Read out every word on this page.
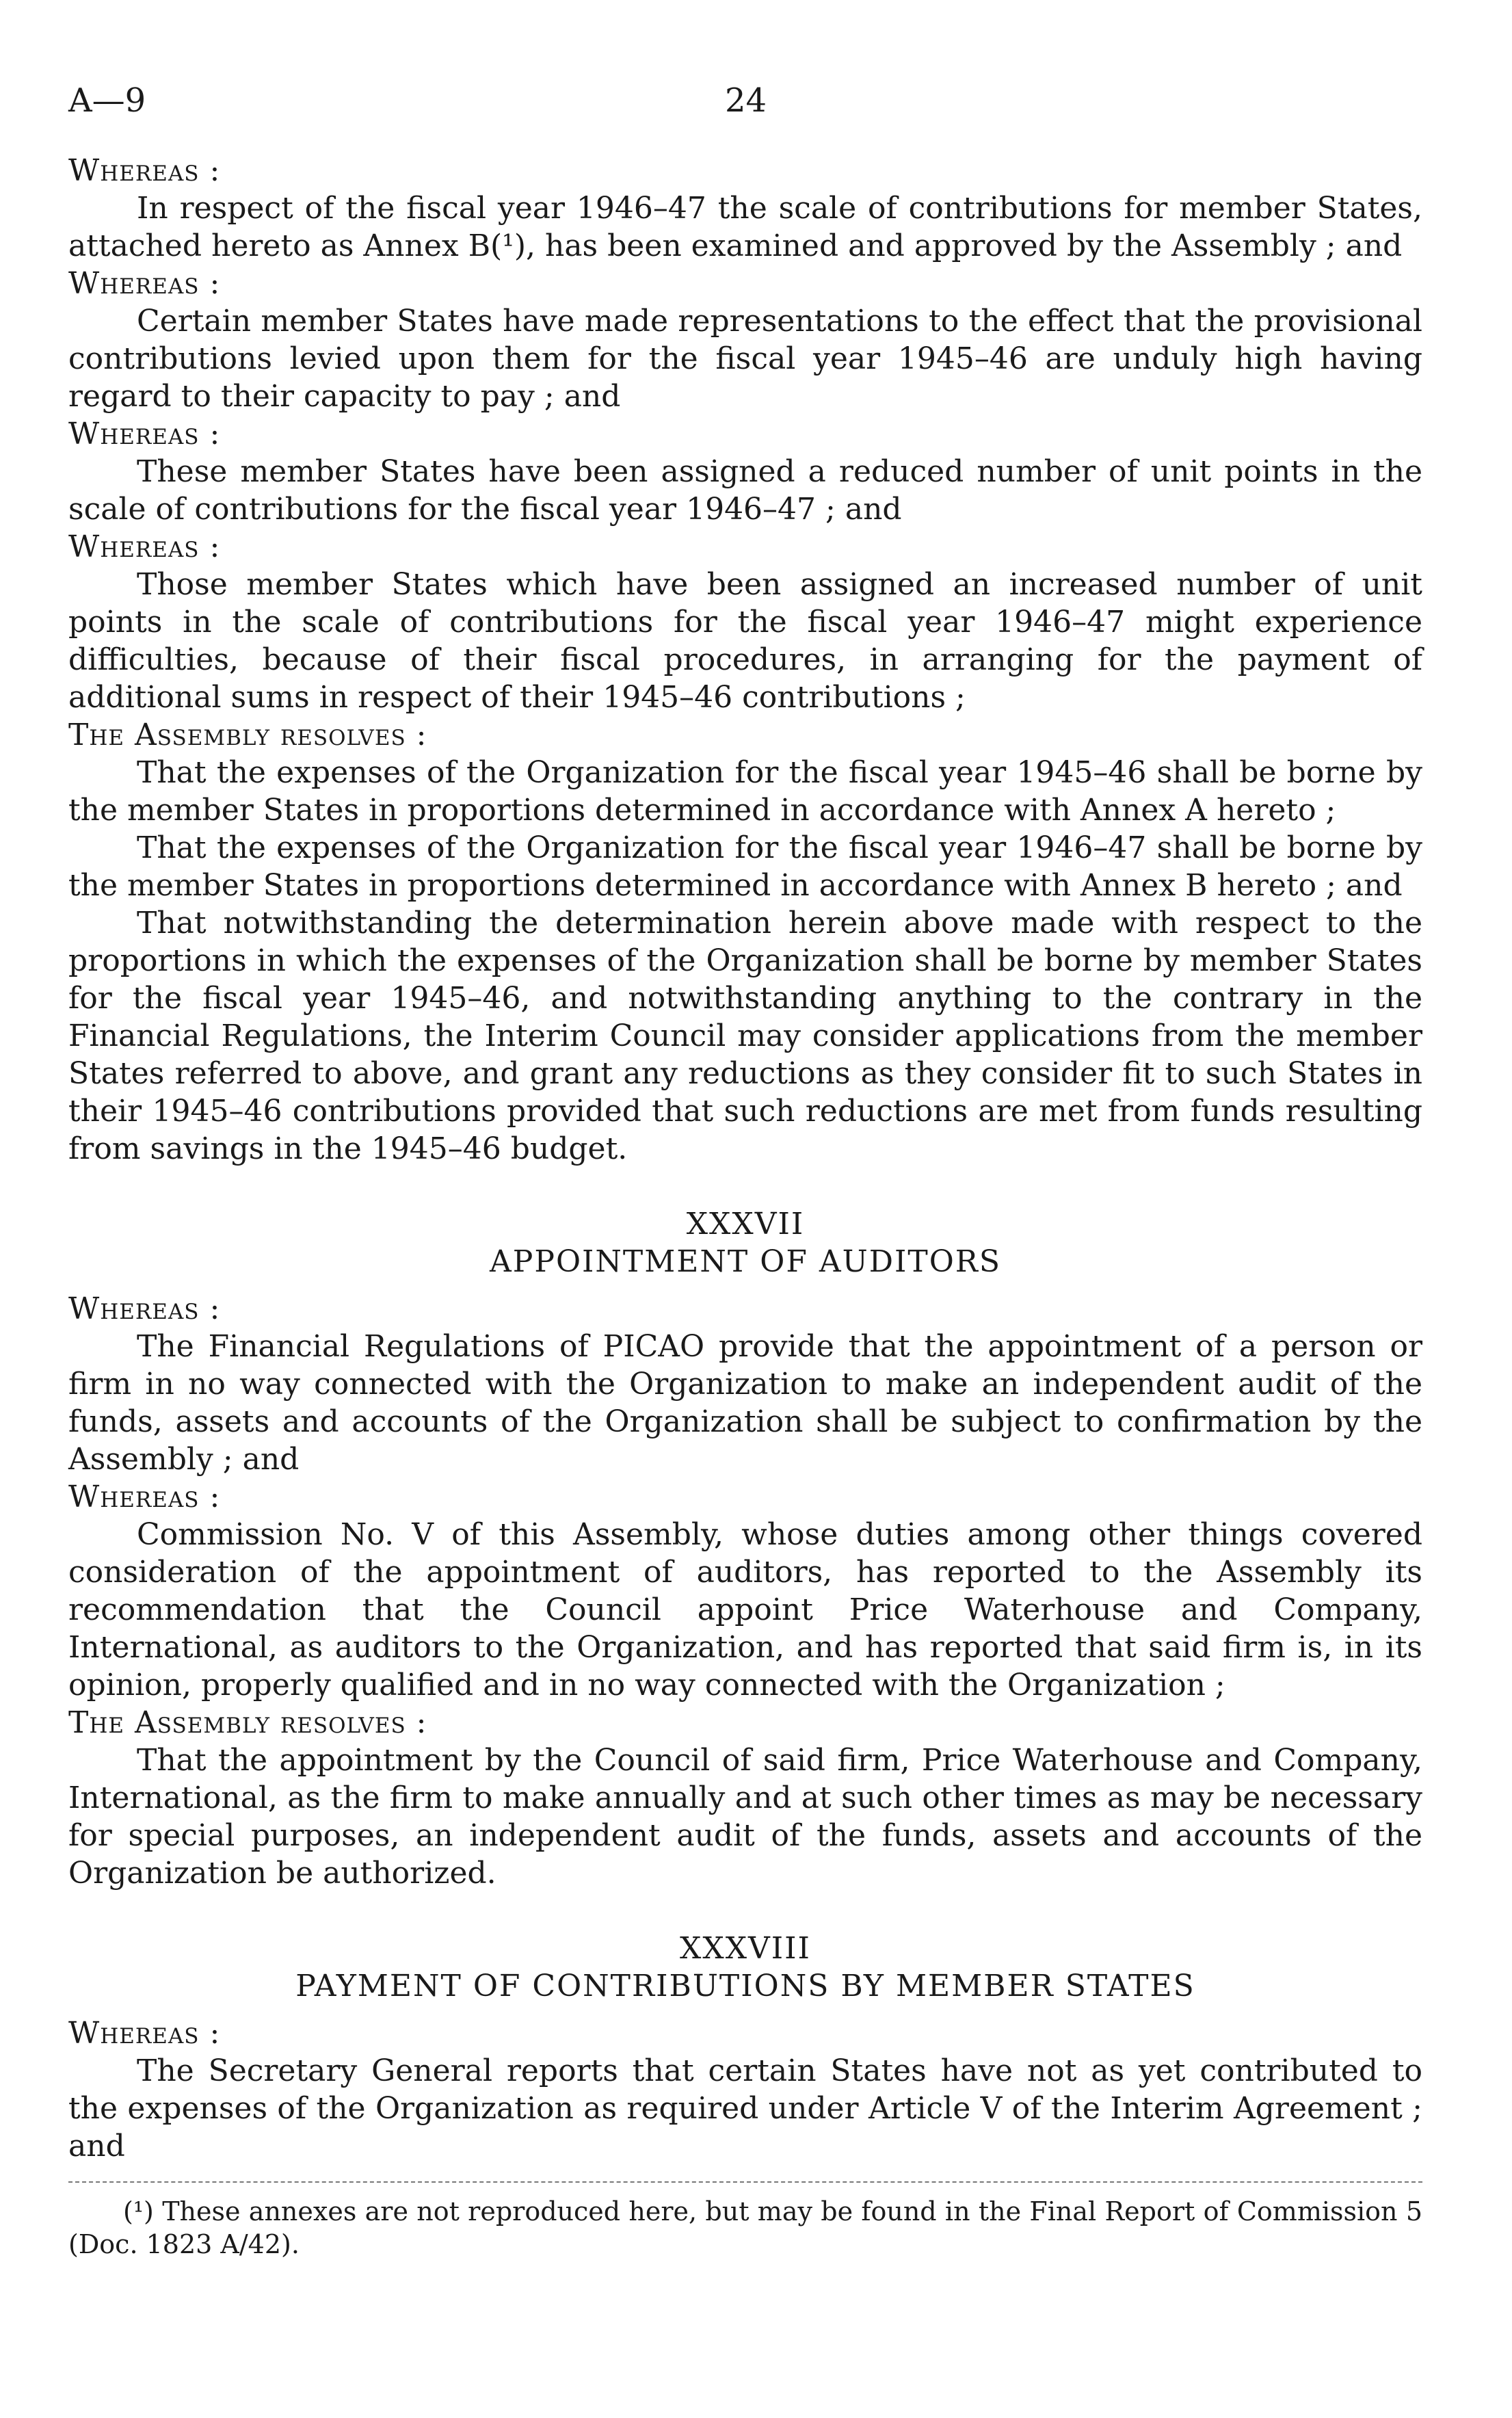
A—9	24

Whereas :

In respect of the fiscal year 1946–47 the scale of contributions for member States, attached hereto as Annex B(¹), has been examined and approved by the Assembly ; and

Whereas :

Certain member States have made representations to the effect that the provisional contributions levied upon them for the fiscal year 1945–46 are unduly high having regard to their capacity to pay ; and

Whereas :

These member States have been assigned a reduced number of unit points in the scale of contributions for the fiscal year 1946–47 ; and

Whereas :

Those member States which have been assigned an increased number of unit points in the scale of contributions for the fiscal year 1946–47 might experience difficulties, because of their fiscal procedures, in arranging for the payment of additional sums in respect of their 1945–46 contributions ;

The Assembly resolves :

That the expenses of the Organization for the fiscal year 1945–46 shall be borne by the member States in proportions determined in accordance with Annex A hereto ;

That the expenses of the Organization for the fiscal year 1946–47 shall be borne by the member States in proportions determined in accordance with Annex B hereto ; and

That notwithstanding the determination herein above made with respect to the proportions in which the expenses of the Organization shall be borne by member States for the fiscal year 1945–46, and notwithstanding anything to the contrary in the Financial Regulations, the Interim Council may consider applications from the member States referred to above, and grant any reductions as they consider fit to such States in their 1945–46 contributions provided that such reductions are met from funds resulting from savings in the 1945–46 budget.

XXXVII

APPOINTMENT OF AUDITORS

Whereas :

The Financial Regulations of PICAO provide that the appointment of a person or firm in no way connected with the Organization to make an independent audit of the funds, assets and accounts of the Organization shall be subject to confirmation by the Assembly ; and

Whereas :

Commission No. V of this Assembly, whose duties among other things covered consideration of the appointment of auditors, has reported to the Assembly its recommendation that the Council appoint Price Waterhouse and Company, International, as auditors to the Organization, and has reported that said firm is, in its opinion, properly qualified and in no way connected with the Organization ;

The Assembly resolves :

That the appointment by the Council of said firm, Price Waterhouse and Company, International, as the firm to make annually and at such other times as may be necessary for special purposes, an independent audit of the funds, assets and accounts of the Organization be authorized.

XXXVIII

PAYMENT OF CONTRIBUTIONS BY MEMBER STATES

Whereas :

The Secretary General reports that certain States have not as yet contributed to the expenses of the Organization as required under Article V of the Interim Agreement ; and

(¹) These annexes are not reproduced here, but may be found in the Final Report of Commission 5 (Doc. 1823 A/42).
